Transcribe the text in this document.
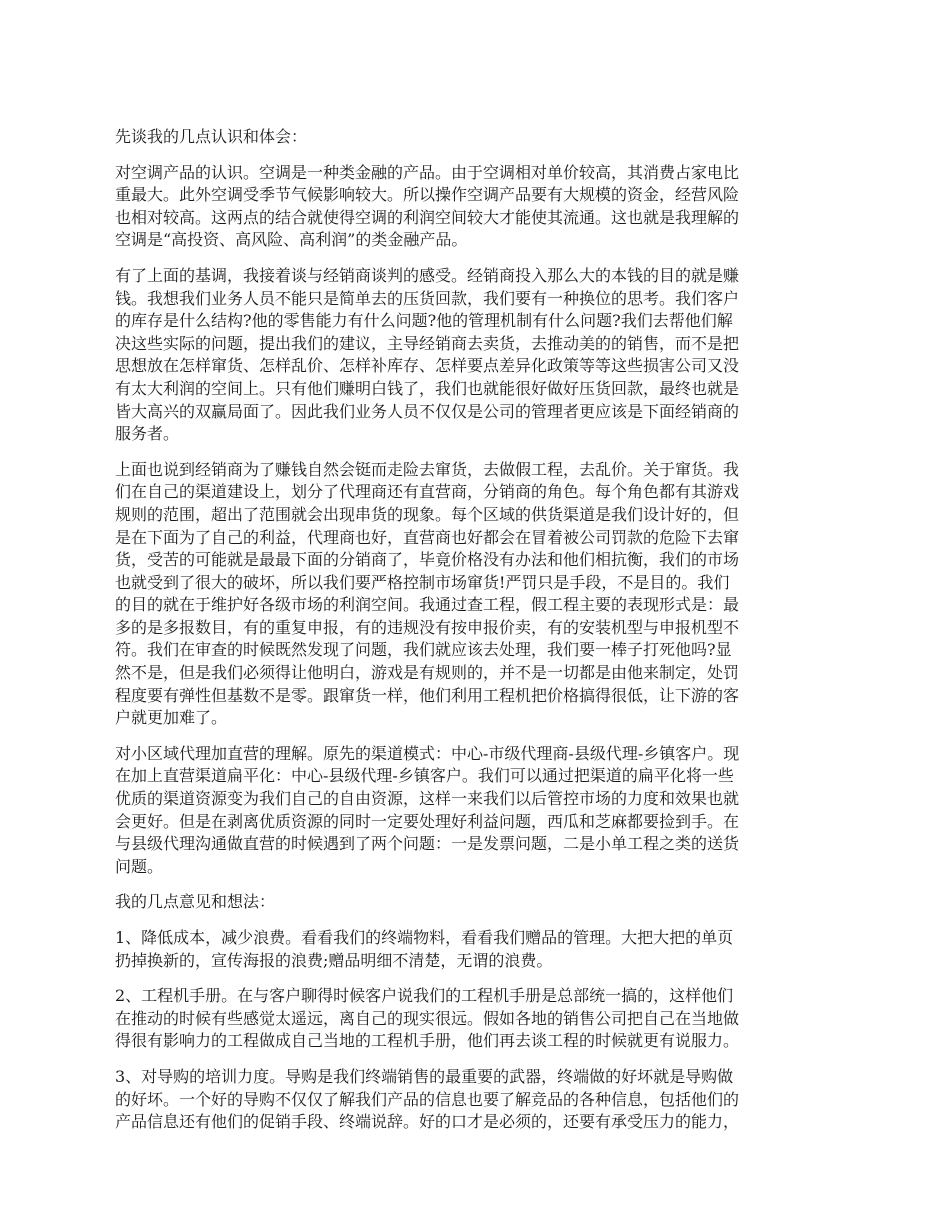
先谈我的几点认识和体会：

对空调产品的认识。空调是一种类金融的产品。由于空调相对单价较高，其消费占家电比
重最大。此外空调受季节气候影响较大。所以操作空调产品要有大规模的资金，经营风险
也相对较高。这两点的结合就使得空调的利润空间较大才能使其流通。这也就是我理解的
空调是“高投资、高风险、高利润”的类金融产品。

有了上面的基调，我接着谈与经销商谈判的感受。经销商投入那么大的本钱的目的就是赚
钱。我想我们业务人员不能只是简单去的压货回款，我们要有一种换位的思考。我们客户
的库存是什么结构?他的零售能力有什么问题?他的管理机制有什么问题?我们去帮他们解
决这些实际的问题，提出我们的建议，主导经销商去卖货，去推动美的的销售，而不是把
思想放在怎样窜货、怎样乱价、怎样补库存、怎样要点差异化政策等等这些损害公司又没
有太大利润的空间上。只有他们赚明白钱了，我们也就能很好做好压货回款，最终也就是
皆大高兴的双赢局面了。因此我们业务人员不仅仅是公司的管理者更应该是下面经销商的
服务者。

上面也说到经销商为了赚钱自然会铤而走险去窜货，去做假工程，去乱价。关于窜货。我
们在自己的渠道建设上，划分了代理商还有直营商，分销商的角色。每个角色都有其游戏
规则的范围，超出了范围就会出现串货的现象。每个区域的供货渠道是我们设计好的，但
是在下面为了自己的利益，代理商也好，直营商也好都会在冒着被公司罚款的危险下去窜
货，受苦的可能就是最最下面的分销商了，毕竟价格没有办法和他们相抗衡，我们的市场
也就受到了很大的破坏，所以我们要严格控制市场窜货!严罚只是手段，不是目的。我们
的目的就在于维护好各级市场的利润空间。我通过查工程，假工程主要的表现形式是：最
多的是多报数目，有的重复申报，有的违规没有按申报价卖，有的安装机型与申报机型不
符。我们在审查的时候既然发现了问题，我们就应该去处理，我们要一棒子打死他吗?显
然不是，但是我们必须得让他明白，游戏是有规则的，并不是一切都是由他来制定，处罚
程度要有弹性但基数不是零。跟窜货一样，他们利用工程机把价格搞得很低，让下游的客
户就更加难了。

对小区域代理加直营的理解。原先的渠道模式：中心-市级代理商-县级代理-乡镇客户。现
在加上直营渠道扁平化：中心-县级代理-乡镇客户。我们可以通过把渠道的扁平化将一些
优质的渠道资源变为我们自己的自由资源，这样一来我们以后管控市场的力度和效果也就
会更好。但是在剥离优质资源的同时一定要处理好利益问题，西瓜和芝麻都要捡到手。在
与县级代理沟通做直营的时候遇到了两个问题：一是发票问题，二是小单工程之类的送货
问题。

我的几点意见和想法：

1、降低成本，减少浪费。看看我们的终端物料，看看我们赠品的管理。大把大把的单页
扔掉换新的，宣传海报的浪费;赠品明细不清楚，无谓的浪费。

2、工程机手册。在与客户聊得时候客户说我们的工程机手册是总部统一搞的，这样他们
在推动的时候有些感觉太遥远，离自己的现实很远。假如各地的销售公司把自己在当地做
得很有影响力的工程做成自己当地的工程机手册，他们再去谈工程的时候就更有说服力。

3、对导购的培训力度。导购是我们终端销售的最重要的武器，终端做的好坏就是导购做
的好坏。一个好的导购不仅仅了解我们产品的信息也要了解竞品的各种信息，包括他们的
产品信息还有他们的促销手段、终端说辞。好的口才是必须的，还要有承受压力的能力，
